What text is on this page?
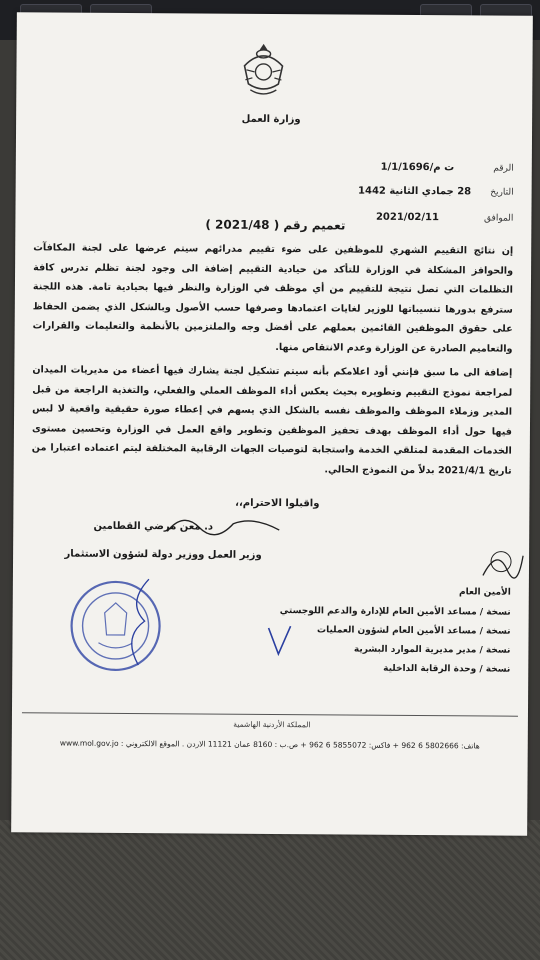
وزارة العمل
الرقم ت م/1/1/1696
التاريخ 28 جمادي الثانية 1442
الموافق 2021/02/11
تعميم رقم ( 2021/48 )
إن نتائج التقييم الشهري للموظفين على ضوء تقييم مدرائهم سيتم عرضها على لجنة المكافآت والحوافز المشكلة في الوزارة للتأكد من حيادية التقييم إضافة الى وجود لجنة تظلم تدرس كافة التظلمات التي تصل نتيجة للتقييم من أي موظف في الوزارة والنظر فيها بحيادية تامة. هذه اللجنة سترفع بدورها تنسيباتها للوزير لغايات اعتمادها وصرفها حسب الأصول وبالشكل الذي يضمن الحفاظ على حقوق الموظفين القائمين بعملهم على أفضل وجه والملتزمين بالأنظمة والتعليمات والقرارات والتعاميم الصادرة عن الوزارة وعدم الانتقاص منها.
إضافة الى ما سبق فإنني أود اعلامكم بأنه سيتم تشكيل لجنة يشارك فيها أعضاء من مديريات الميدان لمراجعة نموذج التقييم وتطويره بحيث يعكس أداء الموظف العملي والفعلي، والتغذية الراجعة من قبل المدير وزملاء الموظف والموظف نفسه بالشكل الذي يسهم في إعطاء صورة حقيقية واقعية لا لبس فيها حول أداء الموظف بهدف تحفيز الموظفين وتطوير واقع العمل في الوزارة وتحسين مستوى الخدمات المقدمة لمتلقي الخدمة واستجابة لتوصيات الجهات الرقابية المختلفة ليتم اعتماده اعتبارا من تاريخ 2021/4/1 بدلاً من النموذج الحالي.
واقبلوا الاحترام،،
د. معن مرضي القطامين
وزير العمل ووزير دولة لشؤون الاستثمار
الأمين العام
نسخة / مساعد الأمين العام للإدارة والدعم اللوجستي
نسخة / مساعد الأمين العام لشؤون العمليات
نسخة / مدير مديرية الموارد البشرية
نسخة / وحدة الرقابة الداخلية
المملكة الأردنية الهاشمية
هاتف: 5802666 6 962 + فاكس: 5855072 6 962 + ص.ب : 8160 عمان 11121 الاردن . الموقع الالكتروني : www.mol.gov.jo
